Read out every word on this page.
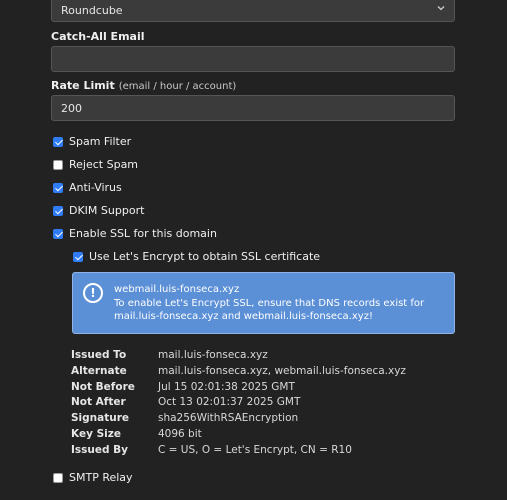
Roundcube
Catch-All Email
Rate Limit (email / hour / account)
200
Spam Filter
Reject Spam
Anti-Virus
DKIM Support
Enable SSL for this domain
Use Let's Encrypt to obtain SSL certificate
!	webmail.luis-fonseca.xyz
To enable Let's Encrypt SSL, ensure that DNS records exist for mail.luis-fonseca.xyz and webmail.luis-fonseca.xyz!
Issued To	mail.luis-fonseca.xyz
Alternate	mail.luis-fonseca.xyz, webmail.luis-fonseca.xyz
Not Before Jul 15 02:01:38 2025 GMT
Not After	Oct 13 02:01:37 2025 GMT
Signature	sha256WithRSAEncryption
Key Size	4096 bit
Issued By	C = US, O = Let's Encrypt, CN = R10
SMTP Relay
